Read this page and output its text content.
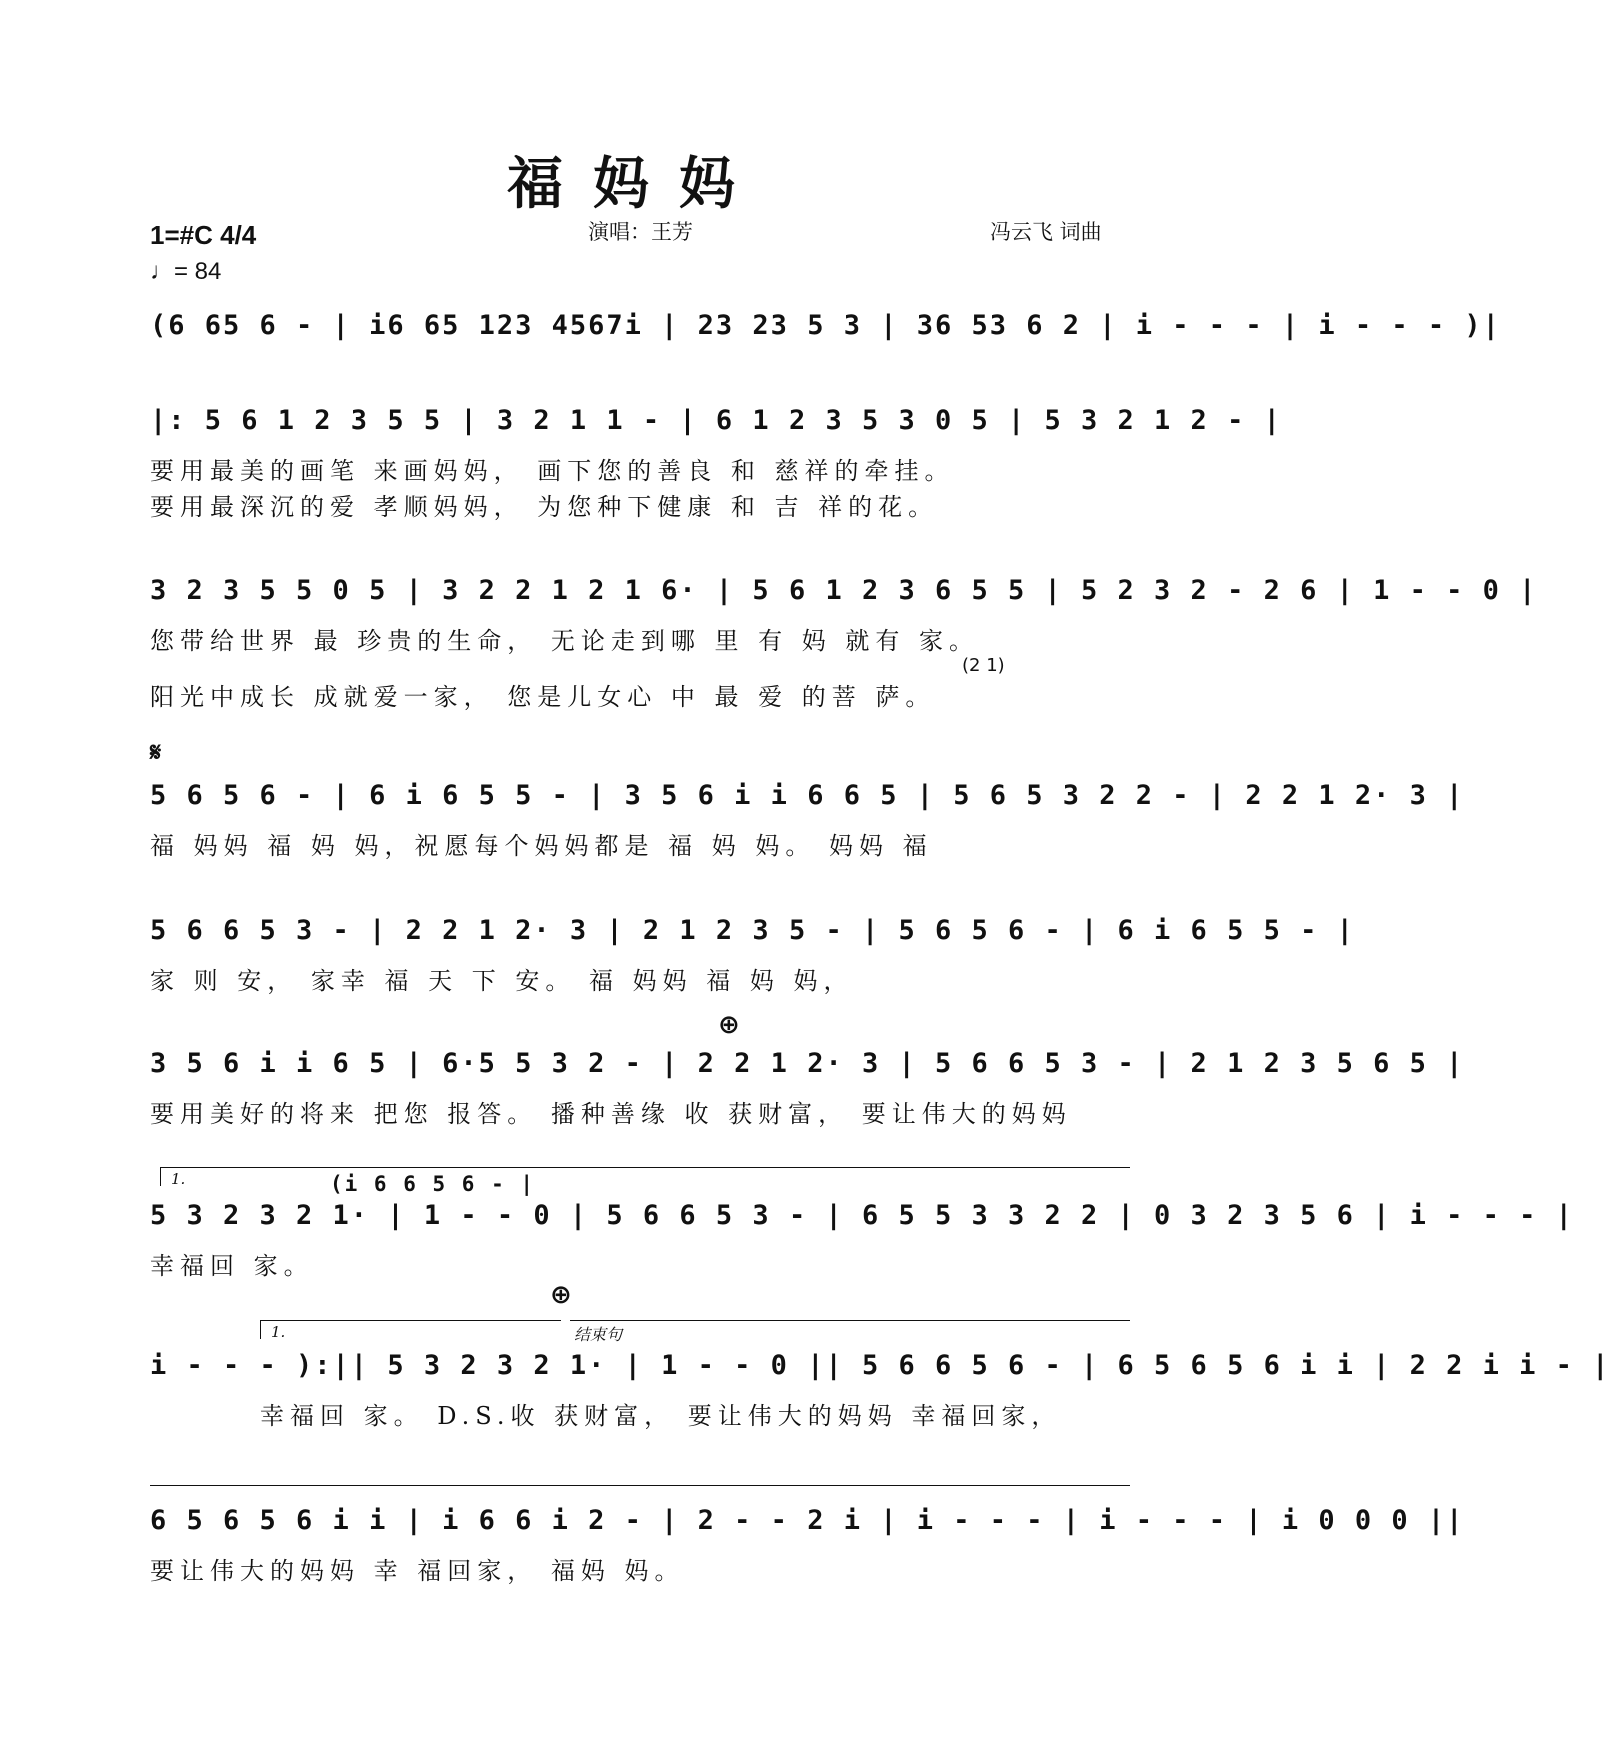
福妈妈
1=#C 4/4
♩= 84
演唱：王芳	冯云飞 词曲
(6 65 6 - | i6 65 123 4567i | 23 23 5 3 | 36 53 6 2 | i - - - | i - - - )|
|: 5 6 1 2 3 5 5 | 3 2 1 1 - | 6 1 2 3 5 3 0 5 | 5 3 2 1 2 - |
要用最美的画笔 来画妈妈， 画下您的善良 和 慈祥的牵挂。
要用最深沉的爱 孝顺妈妈， 为您种下健康 和 吉 祥的花。
3 2 3 5 5 0 5 | 3 2 2 1 2 1 6· | 5 6 1 2 3 6 5 5 | 5 2 3 2 - 2 6 | 1 - - 0 |
您带给世界 最 珍贵的生命， 无论走到哪 里 有 妈 就有 家。
(2 1)
阳光中成长 成就爱一家， 您是儿女心 中 最 爱 的菩 萨。
𝄋
5 6 5 6 - | 6 i 6 5 5 - | 3 5 6 i i 6 6 5 | 5 6 5 3 2 2 - | 2 2 1 2· 3 |
福 妈妈 福 妈 妈，祝愿每个妈妈都是 福 妈 妈。 妈妈 福
5 6 6 5 3 - | 2 2 1 2· 3 | 2 1 2 3 5 - | 5 6 5 6 - | 6 i 6 5 5 - |
家 则 安， 家幸 福 天 下 安。 福 妈妈 福 妈 妈，
⊕
3 5 6 i i 6 5 | 6·5 5 3 2 - | 2 2 1 2· 3 | 5 6 6 5 3 - | 2 1 2 3 5 6 5 |
要用美好的将来 把您 报答。 播种善缘 收 获财富， 要让伟大的妈妈
1.	(i 6 6 5 6 - |
5 3 2 3 2 1· | 1 - - 0 | 5 6 6 5 3 - | 6 5 5 3 3 2 2 | 0 3 2 3 5 6 | i - - - |
幸福回 家。
1.
⊕
结束句
i - - - ):|| 5 3 2 3 2 1· | 1 - - 0 || 5 6 6 5 6 - | 6 5 6 5 6 i i | 2 2 i i - |
幸福回 家。 D.S.收 获财富， 要让伟大的妈妈 幸福回家，
6 5 6 5 6 i i | i 6 6 i 2 - | 2 - - 2 i | i - - - | i - - - | i 0 0 0 ||
要让伟大的妈妈 幸 福回家， 福妈 妈。
